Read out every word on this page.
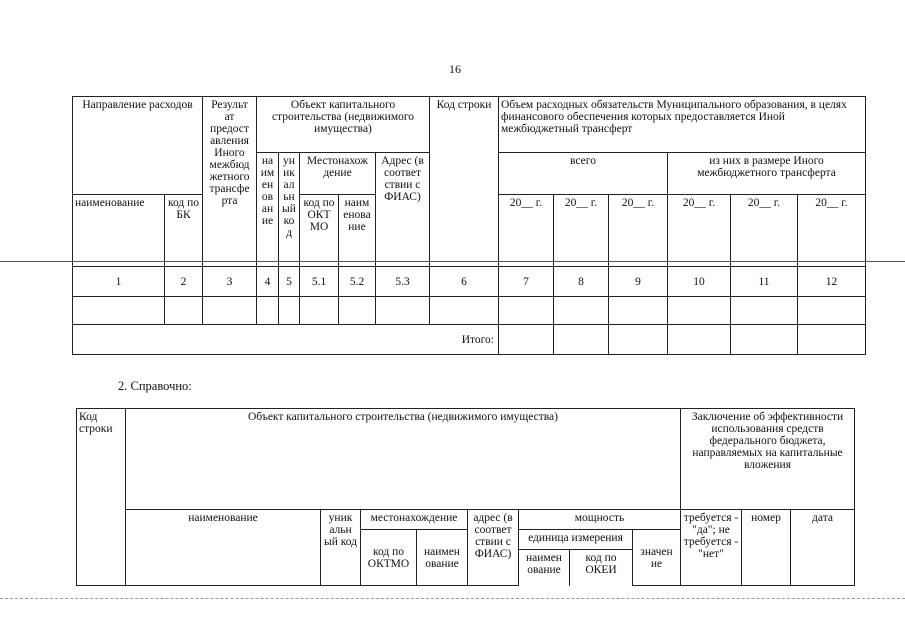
16
Направление расходов		Результ ат предост авления Иного межбюд жетного трансфе рта	Объект капитального строительства (недвижимого имущества)					Код строки	Объем расходных обязательств Муниципального образования, в целях финансового обеспечения которых предоставляется Иной межбюджетный трансферт					
			на им ен ов ан ие	ун ик ал ьн ый ко д	Местонахож дение		Адрес (в соответ ствии с ФИАС)		всего			из них в размере Иного межбюджетного трансферта		
наименование	код по БК				код по ОКТ МО	наим енова ние			20__ г.	20__ г.	20__ г.	20__ г.	20__ г.	20__ г.
1	2	3	4	5	5.1	5.2	5.3	6	7	8	9	10	11	12

Итого:														
2. Справочно:
Код строки	Объект капитального строительства (недвижимого имущества)								Заключение об эффективности использования средств федерального бюджета, направляемых на капитальные вложения		
	наименование	уник альн ый код	местонахождение		адрес (в соответ ствии с ФИАС)	мощность			требуется - "да"; не требуется - "нет"	номер	дата
			код по ОКТМО	наимен ование		единица измерения		значен ие			
						наимен ование	код по ОКЕИ				
